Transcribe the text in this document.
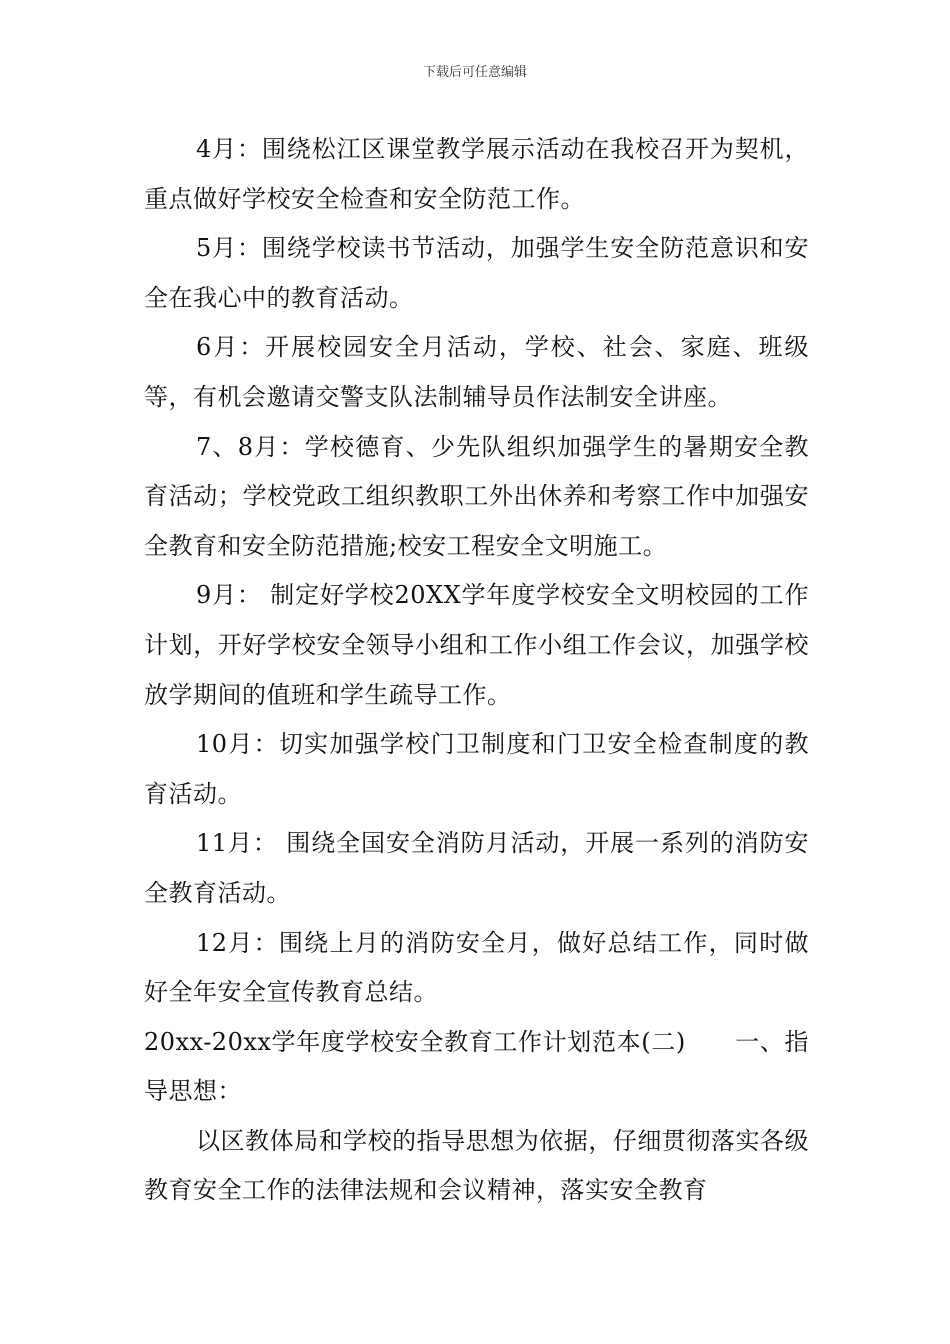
下载后可任意编辑

4月：围绕松江区课堂教学展示活动在我校召开为契机，重点做好学校安全检查和安全防范工作。

5月：围绕学校读书节活动，加强学生安全防范意识和安全在我心中的教育活动。

6月：开展校园安全月活动，学校、社会、家庭、班级等，有机会邀请交警支队法制辅导员作法制安全讲座。

7、8月：学校德育、少先队组织加强学生的暑期安全教育活动；学校党政工组织教职工外出休养和考察工作中加强安全教育和安全防范措施;校安工程安全文明施工。

9月： 制定好学校20XX学年度学校安全文明校园的工作计划，开好学校安全领导小组和工作小组工作会议，加强学校放学期间的值班和学生疏导工作。

10月：切实加强学校门卫制度和门卫安全检查制度的教育活动。

11月： 围绕全国安全消防月活动，开展一系列的消防安全教育活动。

12月：围绕上月的消防安全月，做好总结工作，同时做好全年安全宣传教育总结。

20xx-20xx学年度学校安全教育工作计划范本(二)　　一、指导思想：

以区教体局和学校的指导思想为依据，仔细贯彻落实各级教育安全工作的法律法规和会议精神，落实安全教育
